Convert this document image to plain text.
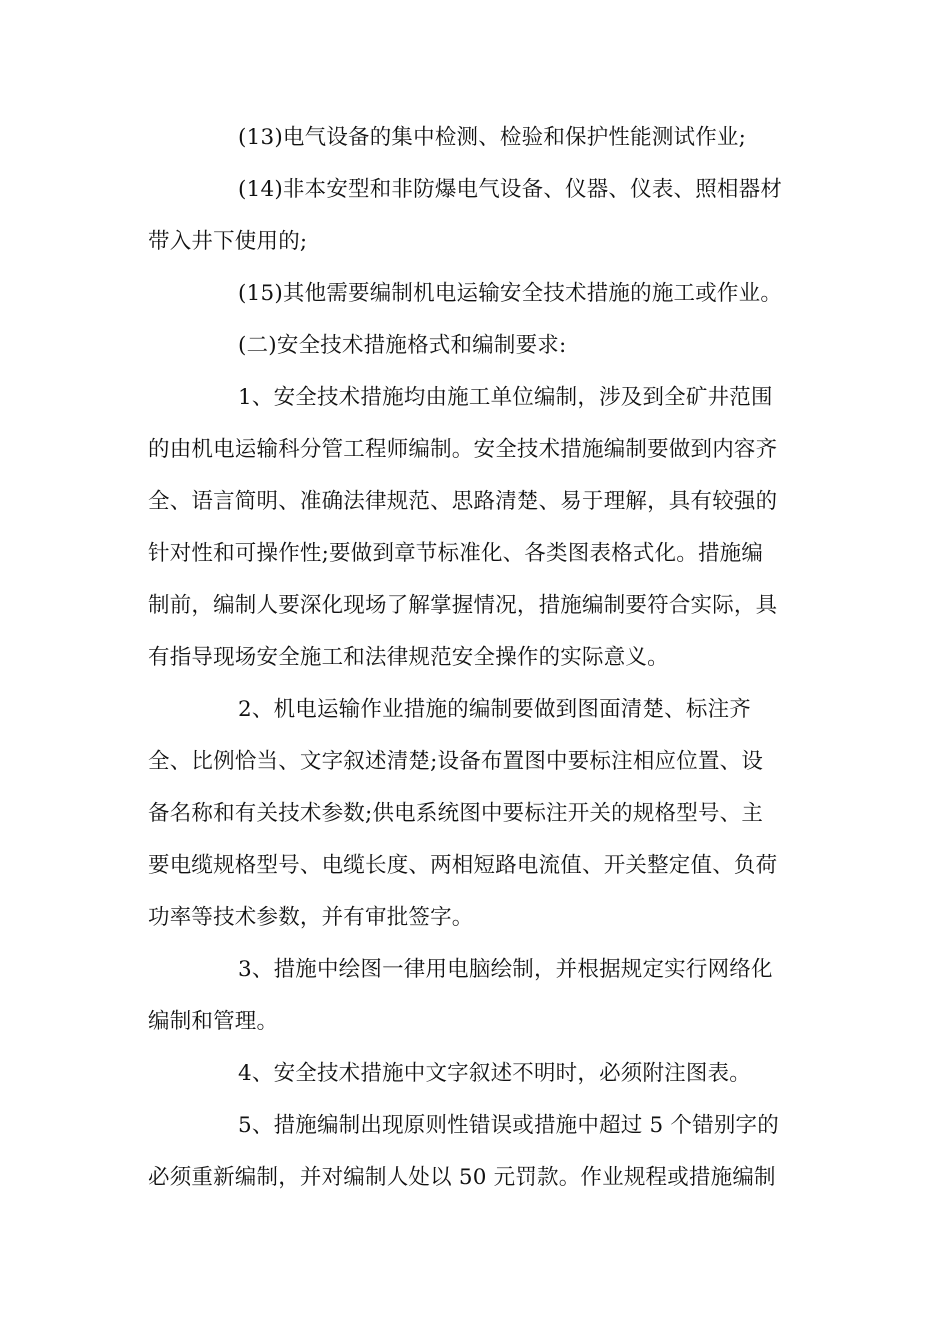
(13)电气设备的集中检测、检验和保护性能测试作业;
(14)非本安型和非防爆电气设备、仪器、仪表、照相器材
带入井下使用的;
(15)其他需要编制机电运输安全技术措施的施工或作业。
(二)安全技术措施格式和编制要求:
1、安全技术措施均由施工单位编制，涉及到全矿井范围
的由机电运输科分管工程师编制。安全技术措施编制要做到内容齐
全、语言简明、准确法律规范、思路清楚、易于理解，具有较强的
针对性和可操作性;要做到章节标准化、各类图表格式化。措施编
制前，编制人要深化现场了解掌握情况，措施编制要符合实际，具
有指导现场安全施工和法律规范安全操作的实际意义。
2、机电运输作业措施的编制要做到图面清楚、标注齐
全、比例恰当、文字叙述清楚;设备布置图中要标注相应位置、设
备名称和有关技术参数;供电系统图中要标注开关的规格型号、主
要电缆规格型号、电缆长度、两相短路电流值、开关整定值、负荷
功率等技术参数，并有审批签字。
3、措施中绘图一律用电脑绘制，并根据规定实行网络化
编制和管理。
4、安全技术措施中文字叙述不明时，必须附注图表。
5、措施编制出现原则性错误或措施中超过 5 个错别字的
必须重新编制，并对编制人处以 50 元罚款。作业规程或措施编制
